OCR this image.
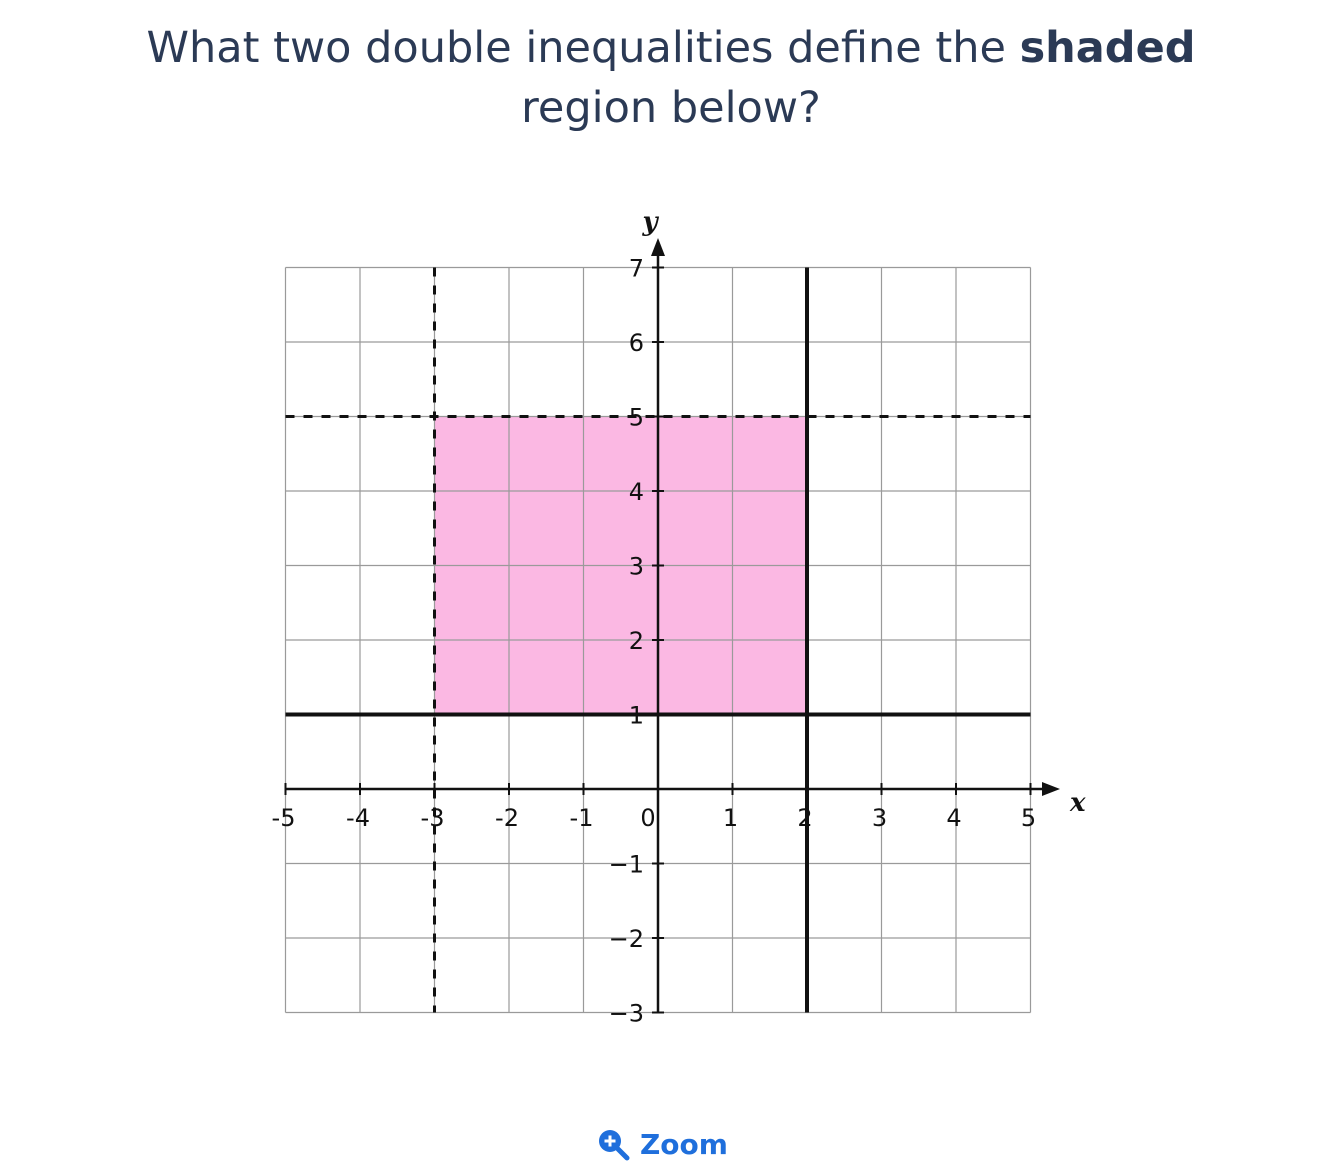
What two double inequalities define the shaded
region below?
-5 -4 -3 -2 -1 0	1 2 3 4 5
7
6
5
4
3
2
1
−1
−2
−3
x
y
Zoom
